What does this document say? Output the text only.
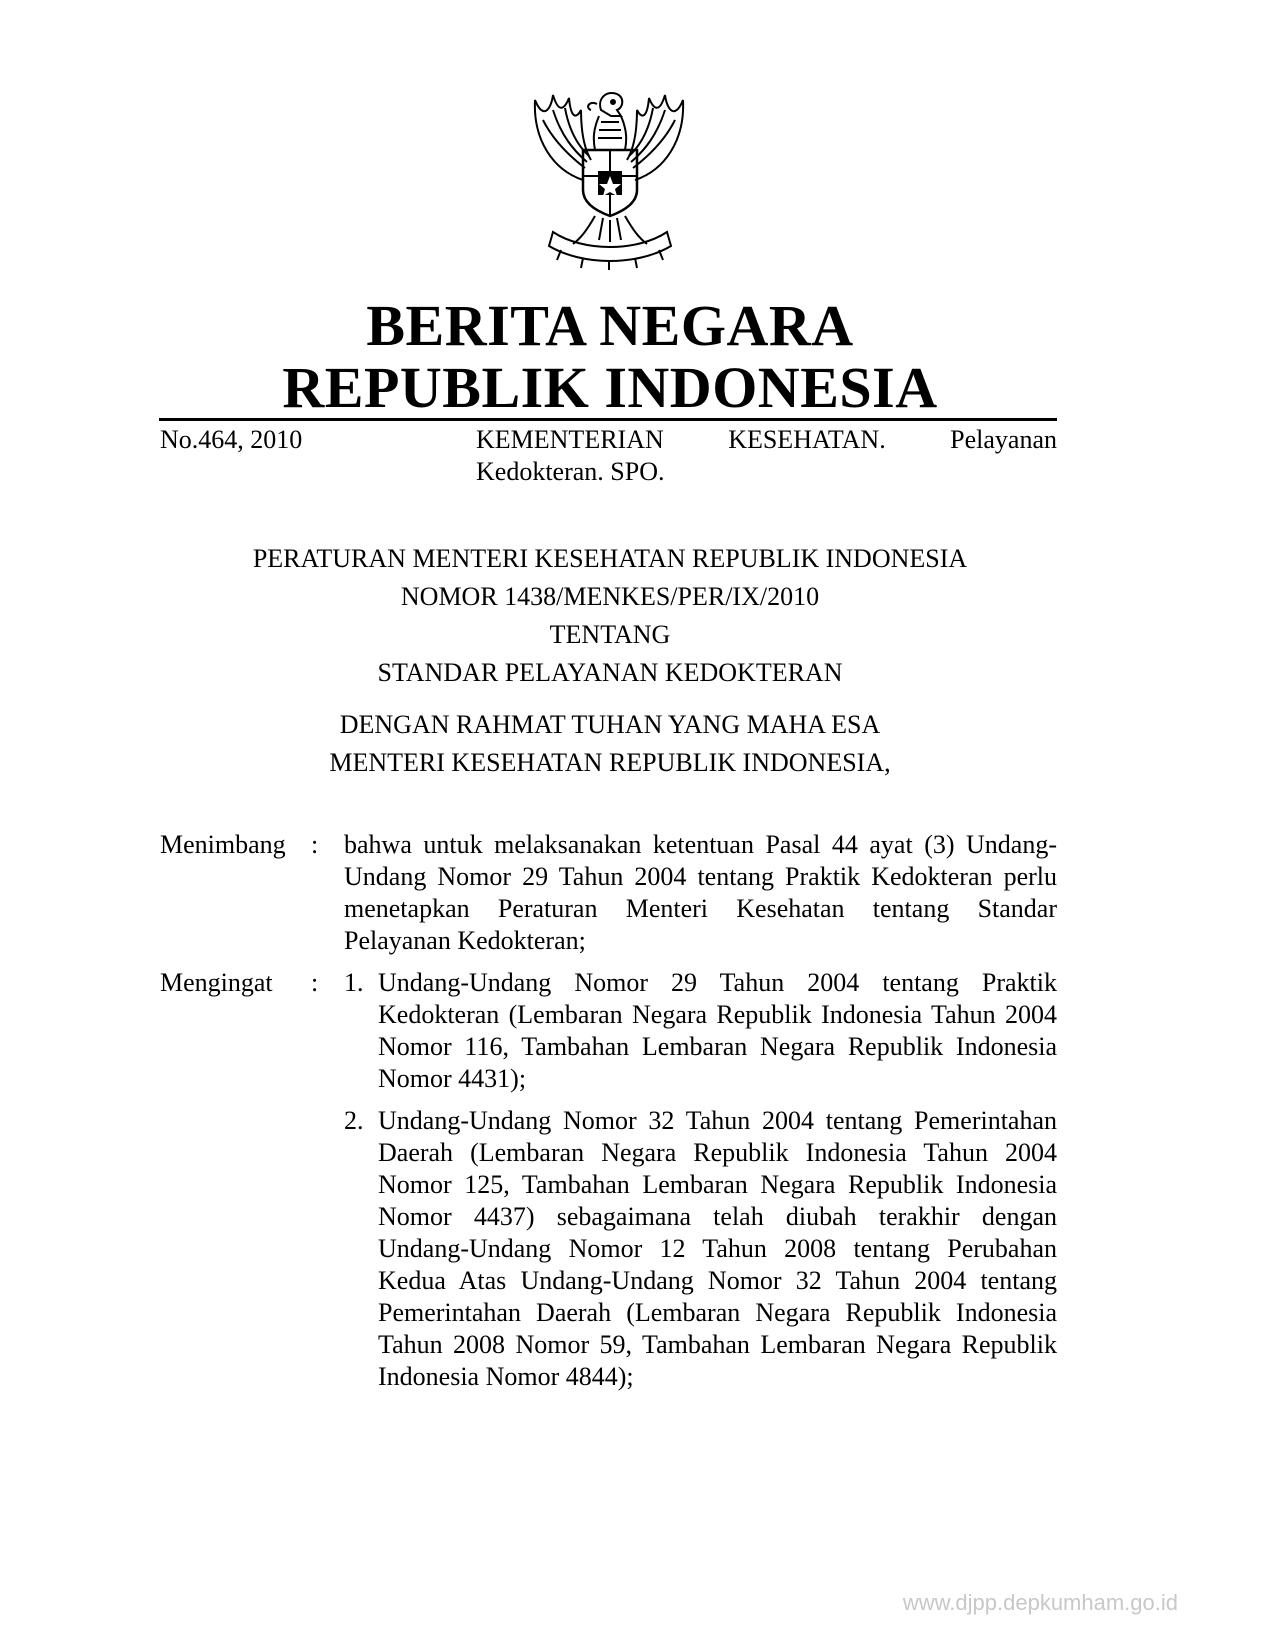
BERITA NEGARA
REPUBLIK INDONESIA
No.464, 2010	KEMENTERIAN KESEHATAN. Pelayanan
Kedokteran. SPO.
PERATURAN MENTERI KESEHATAN REPUBLIK INDONESIA
NOMOR 1438/MENKES/PER/IX/2010
TENTANG
STANDAR PELAYANAN KEDOKTERAN
DENGAN RAHMAT TUHAN YANG MAHA ESA
MENTERI KESEHATAN REPUBLIK INDONESIA,
Menimbang : bahwa untuk melaksanakan ketentuan Pasal 44 ayat (3) Undang-Undang Nomor 29 Tahun 2004 tentang Praktik Kedokteran perlu menetapkan Peraturan Menteri Kesehatan tentang Standar Pelayanan Kedokteran;
Mengingat : 1. Undang-Undang Nomor 29 Tahun 2004 tentang Praktik Kedokteran (Lembaran Negara Republik Indonesia Tahun 2004 Nomor 116, Tambahan Lembaran Negara Republik Indonesia Nomor 4431);
2. Undang-Undang Nomor 32 Tahun 2004 tentang Pemerintahan Daerah (Lembaran Negara Republik Indonesia Tahun 2004 Nomor 125, Tambahan Lembaran Negara Republik Indonesia Nomor 4437) sebagaimana telah diubah terakhir dengan Undang-Undang Nomor 12 Tahun 2008 tentang Perubahan Kedua Atas Undang-Undang Nomor 32 Tahun 2004 tentang Pemerintahan Daerah (Lembaran Negara Republik Indonesia Tahun 2008 Nomor 59, Tambahan Lembaran Negara Republik Indonesia Nomor 4844);
www.djpp.depkumham.go.id
